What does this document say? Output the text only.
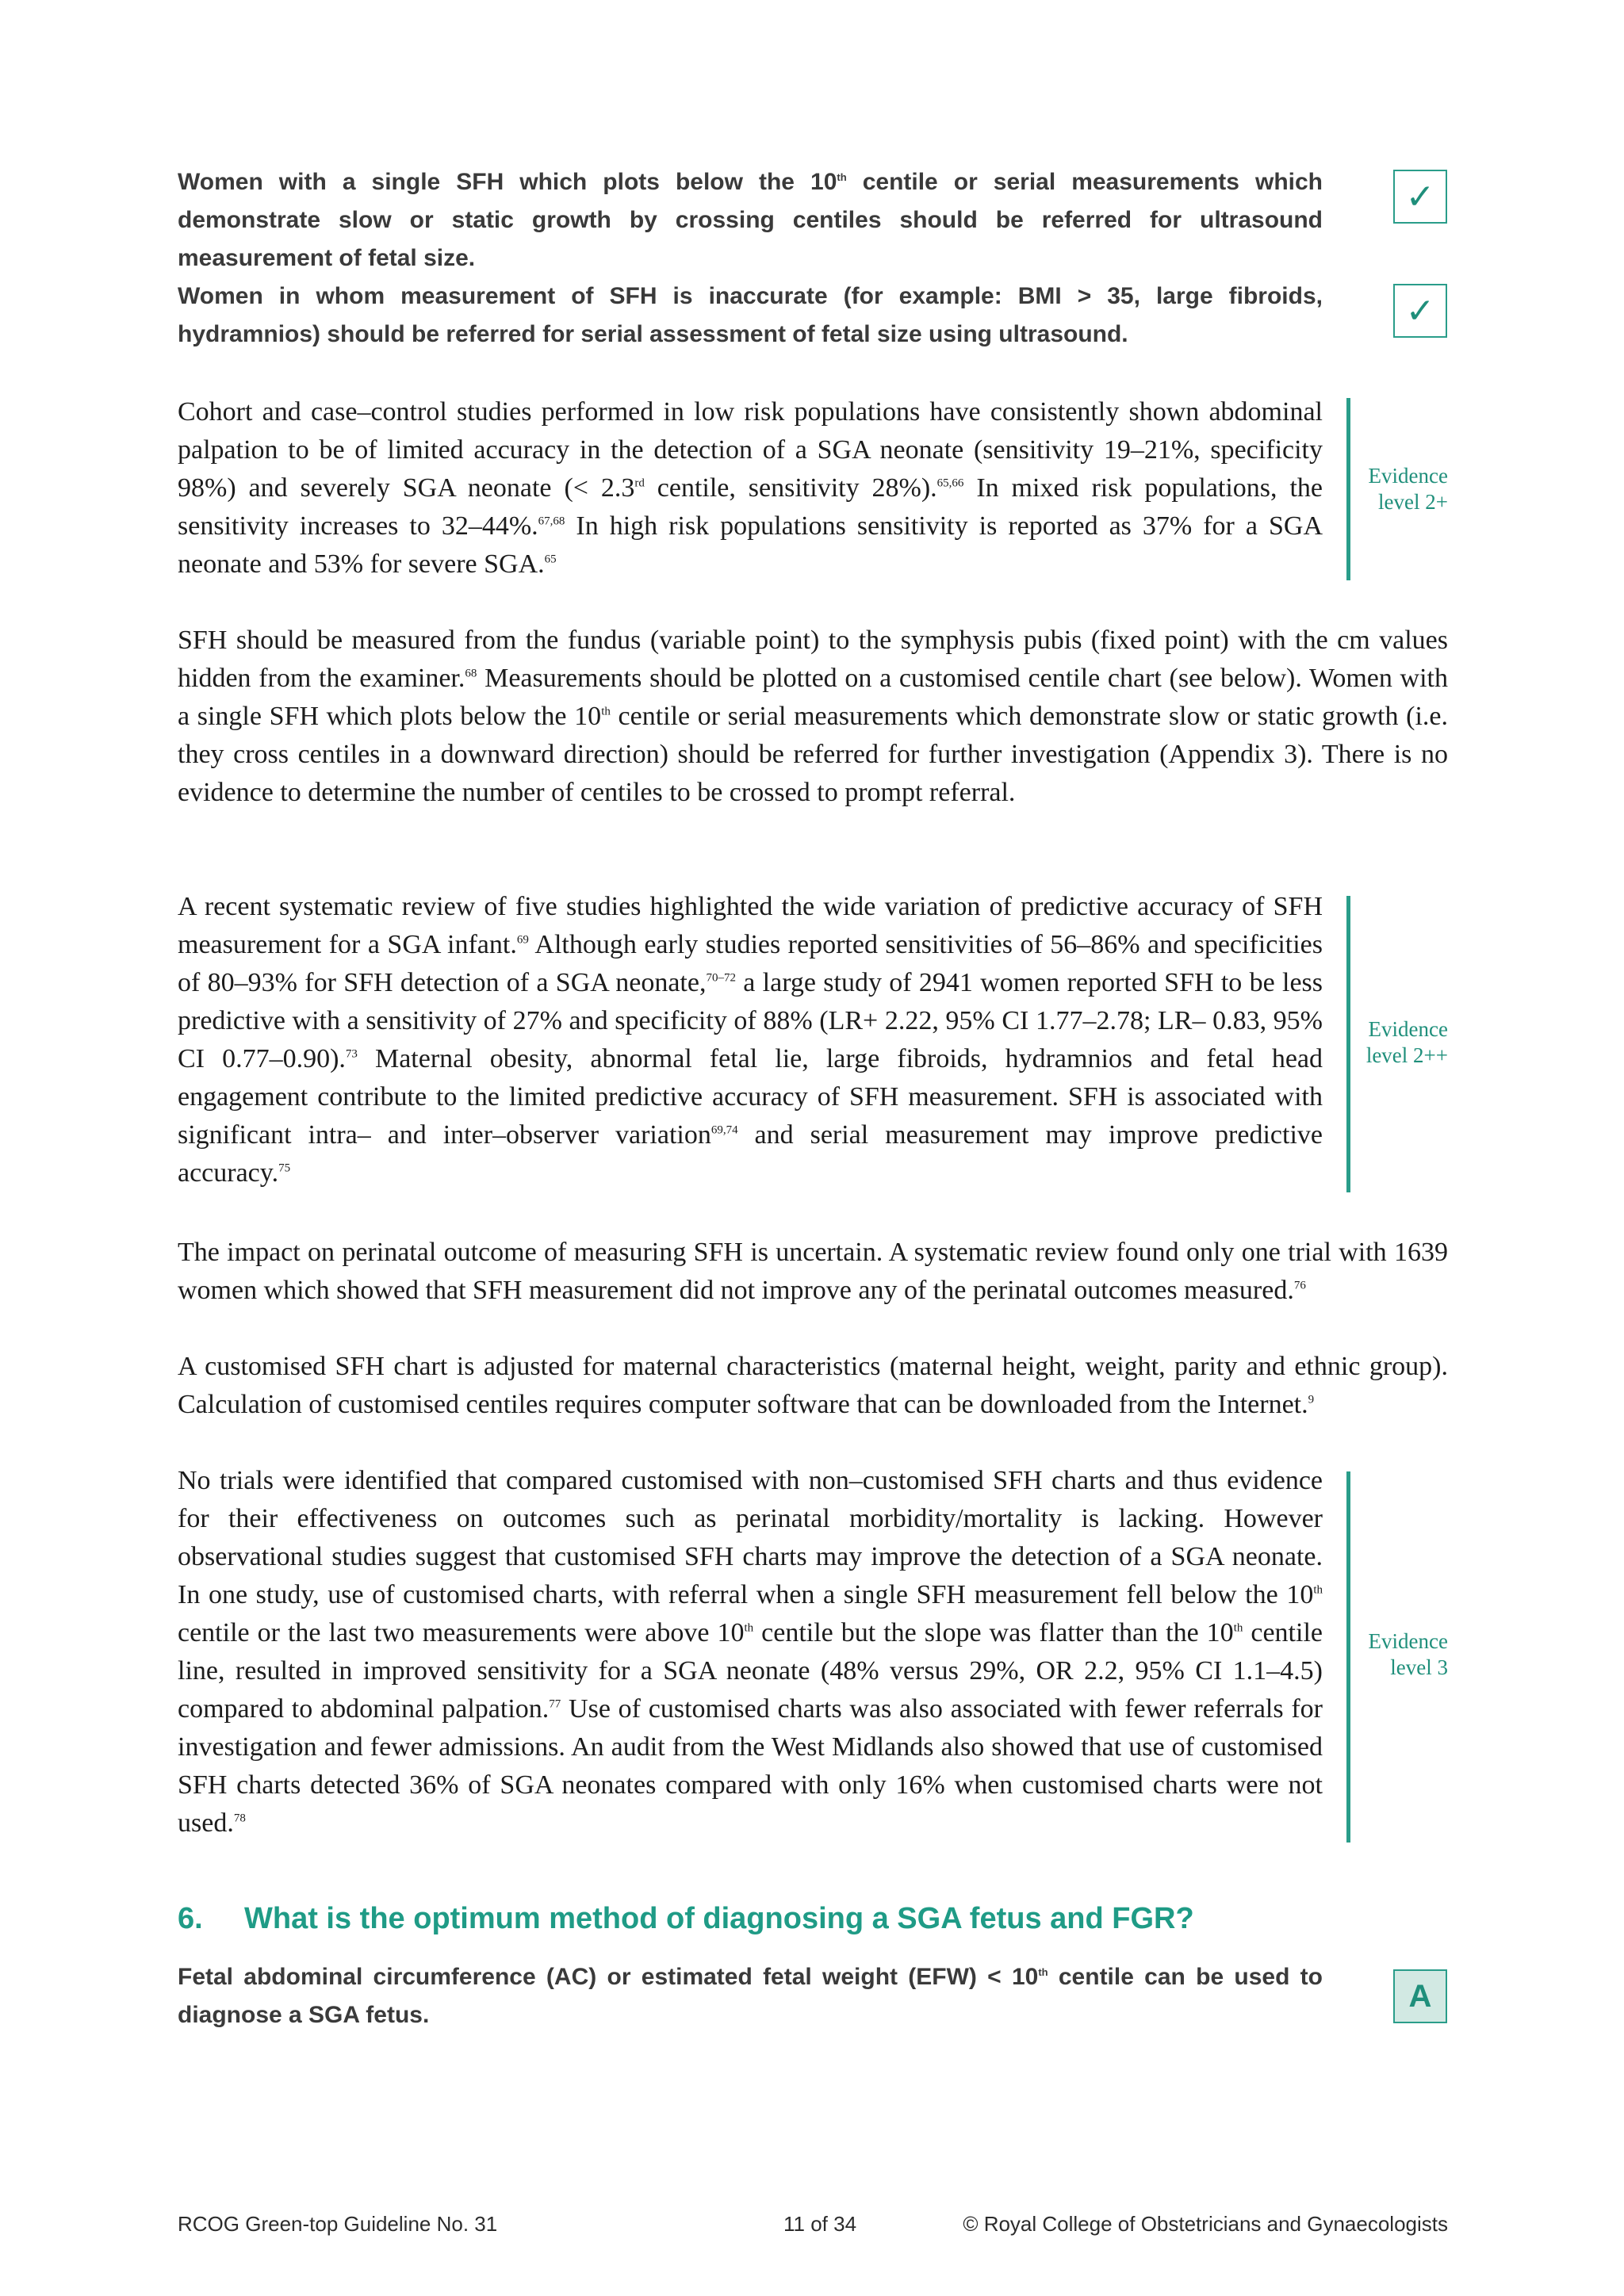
Women with a single SFH which plots below the 10th centile or serial measurements which demonstrate slow or static growth by crossing centiles should be referred for ultrasound measurement of fetal size.
✓
Women in whom measurement of SFH is inaccurate (for example: BMI > 35, large fibroids, hydramnios) should be referred for serial assessment of fetal size using ultrasound.
✓
Cohort and case–control studies performed in low risk populations have consistently shown abdominal palpation to be of limited accuracy in the detection of a SGA neonate (sensitivity 19–21%, specificity 98%) and severely SGA neonate (< 2.3rd centile, sensitivity 28%).$^{65,66}$ In mixed risk populations, the sensitivity increases to 32–44%.$^{67,68}$ In high risk populations sensitivity is reported as 37% for a SGA neonate and 53% for severe SGA.$^{65}$
Evidence
level 2+
SFH should be measured from the fundus (variable point) to the symphysis pubis (fixed point) with the cm values hidden from the examiner.$^{68}$ Measurements should be plotted on a customised centile chart (see below). Women with a single SFH which plots below the 10th centile or serial measurements which demonstrate slow or static growth (i.e. they cross centiles in a downward direction) should be referred for further investigation (Appendix 3). There is no evidence to determine the number of centiles to be crossed to prompt referral.
A recent systematic review of five studies highlighted the wide variation of predictive accuracy of SFH measurement for a SGA infant.$^{69}$ Although early studies reported sensitivities of 56–86% and specificities of 80–93% for SFH detection of a SGA neonate,$^{70-72}$ a large study of 2941 women reported SFH to be less predictive with a sensitivity of 27% and specificity of 88% (LR+ 2.22, 95% CI 1.77–2.78; LR– 0.83, 95% CI 0.77–0.90).$^{73}$ Maternal obesity, abnormal fetal lie, large fibroids, hydramnios and fetal head engagement contribute to the limited predictive accuracy of SFH measurement. SFH is associated with significant intra– and inter–observer variation$^{69,74}$ and serial measurement may improve predictive accuracy.$^{75}$
Evidence
level 2++
The impact on perinatal outcome of measuring SFH is uncertain. A systematic review found only one trial with 1639 women which showed that SFH measurement did not improve any of the perinatal outcomes measured.$^{76}$
A customised SFH chart is adjusted for maternal characteristics (maternal height, weight, parity and ethnic group). Calculation of customised centiles requires computer software that can be downloaded from the Internet.$^9$
No trials were identified that compared customised with non–customised SFH charts and thus evidence for their effectiveness on outcomes such as perinatal morbidity/mortality is lacking. However observational studies suggest that customised SFH charts may improve the detection of a SGA neonate. In one study, use of customised charts, with referral when a single SFH measurement fell below the 10th centile or the last two measurements were above 10th centile but the slope was flatter than the 10th centile line, resulted in improved sensitivity for a SGA neonate (48% versus 29%, OR 2.2, 95% CI 1.1–4.5) compared to abdominal palpation.$^{77}$ Use of customised charts was also associated with fewer referrals for investigation and fewer admissions. An audit from the West Midlands also showed that use of customised SFH charts detected 36% of SGA neonates compared with only 16% when customised charts were not used.$^{78}$
Evidence
level 3
6. What is the optimum method of diagnosing a SGA fetus and FGR?
Fetal abdominal circumference (AC) or estimated fetal weight (EFW) < 10th centile can be used to diagnose a SGA fetus.
A
RCOG Green-top Guideline No. 31	11 of 34	© Royal College of Obstetricians and Gynaecologists
